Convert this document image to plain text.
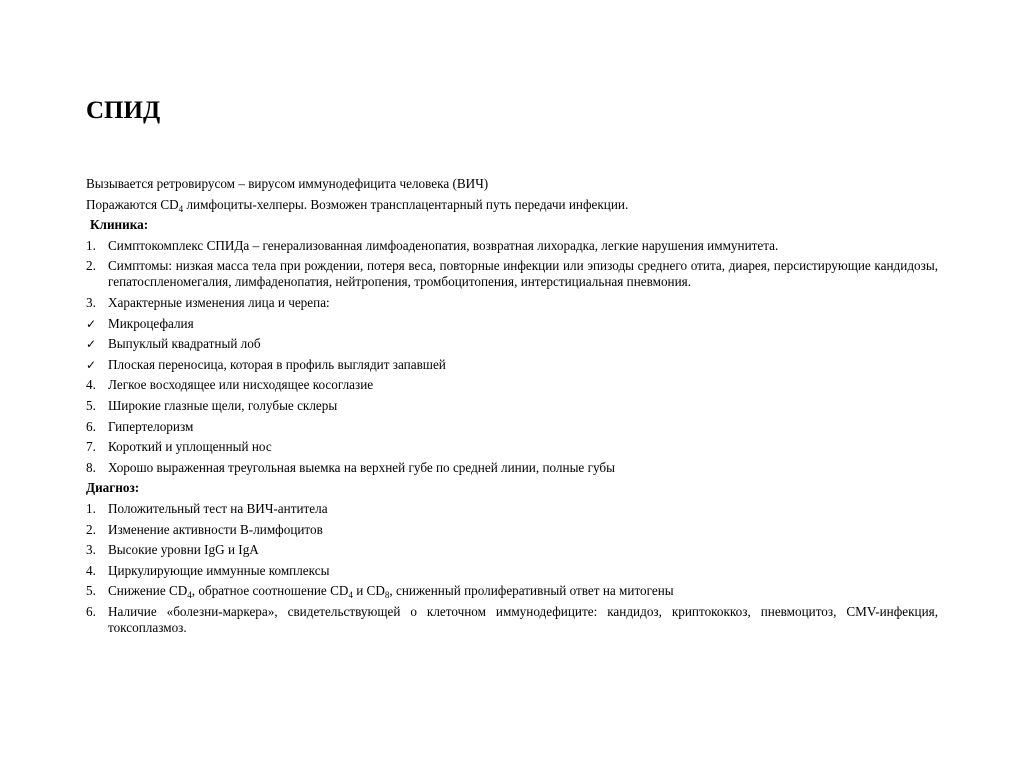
СПИД

Вызывается ретровирусом – вирусом иммунодефицита человека (ВИЧ)

Поражаются $CD_4$ лимфоциты-хелперы. Возможен трансплацентарный путь передачи инфекции.

Клиника:

1. Симптокомплекс СПИДа – генерализованная лимфоаденопатия, возвратная лихорадка, легкие нарушения иммунитета.
2. Симптомы: низкая масса тела при рождении, потеря веса, повторные инфекции или эпизоды среднего отита, диарея, персистирующие кандидозы, гепатоспленомегалия, лимфаденопатия, нейтропения, тромбоцитопения, интерстициальная пневмония.
3. Характерные изменения лица и черепа:
✓ Микроцефалия
✓ Выпуклый квадратный лоб
✓ Плоская переносица, которая в профиль выглядит запавшей
4. Легкое восходящее или нисходящее косоглазие
5. Широкие глазные щели, голубые склеры
6. Гипертелоризм
7. Короткий и уплощенный нос
8. Хорошо выраженная треугольная выемка на верхней губе по средней линии, полные губы

Диагноз:

1. Положительный тест на ВИЧ-антитела
2. Изменение активности В-лимфоцитов
3. Высокие уровни IgG и IgA
4. Циркулирующие иммунные комплексы
5. Снижение $CD_4$, обратное соотношение $CD_4$ и $CD_8$, сниженный пролиферативный ответ на митогены
6. Наличие «болезни-маркера», свидетельствующей о клеточном иммунодефиците: кандидоз, криптококкоз, пневмоцитоз, CMV-инфекция, токсоплазмоз.
